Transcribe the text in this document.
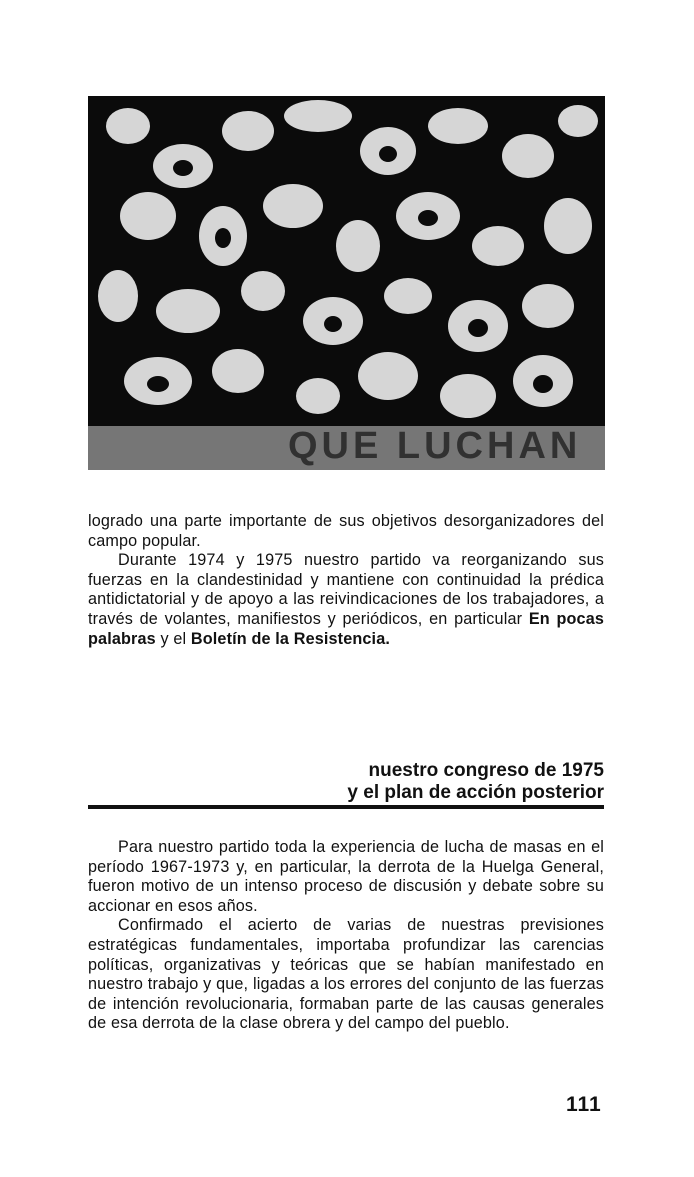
QUE LUCHAN

logrado una parte importante de sus objetivos desorganizadores del campo popular.

Durante 1974 y 1975 nuestro partido va reorganizando sus fuerzas en la clandestinidad y mantiene con continuidad la prédica antidictatorial y de apoyo a las reivindicaciones de los trabajadores, a través de volantes, manifiestos y periódicos, en particular En pocas palabras y el Boletín de la Resistencia.

nuestro congreso de 1975
y el plan de acción posterior

Para nuestro partido toda la experiencia de lucha de masas en el período 1967-1973 y, en particular, la derrota de la Huelga General, fueron motivo de un intenso proceso de discusión y debate sobre su accionar en esos años.

Confirmado el acierto de varias de nuestras previsiones estratégicas fundamentales, importaba profundizar las carencias políticas, organizativas y teóricas que se habían manifestado en nuestro trabajo y que, ligadas a los errores del conjunto de las fuerzas de intención revolucionaria, formaban parte de las causas generales de esa derrota de la clase obrera y del campo del pueblo.

111
